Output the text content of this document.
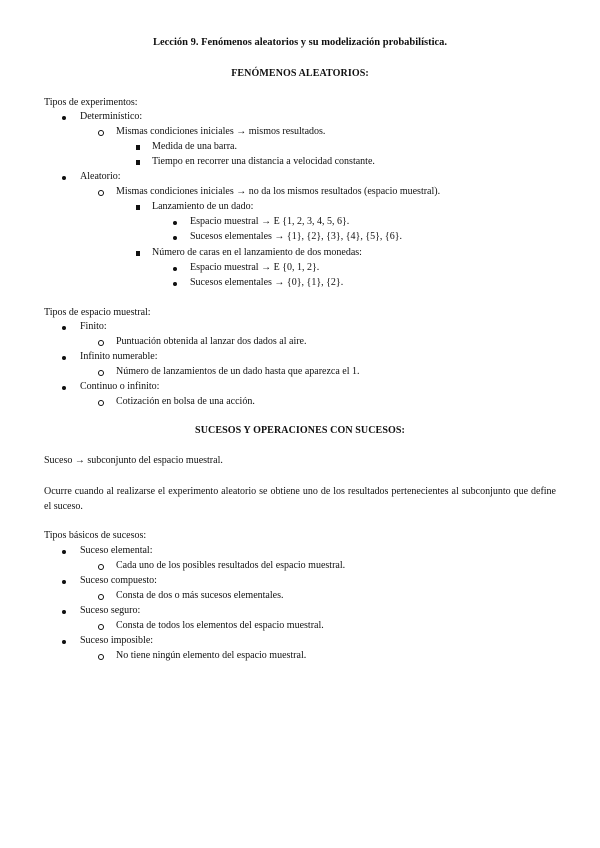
Lección 9. Fenómenos aleatorios y su modelización probabilística.
FENÓMENOS ALEATORIOS:
Tipos de experimentos:
Determinístico:
Mismas condiciones iniciales → mismos resultados.
Medida de una barra.
Tiempo en recorrer una distancia a velocidad constante.
Aleatorio:
Mismas condiciones iniciales → no da los mismos resultados (espacio muestral).
Lanzamiento de un dado:
Espacio muestral → E {1, 2, 3, 4, 5, 6}.
Sucesos elementales → {1}, {2}, {3}, {4}, {5}, {6}.
Número de caras en el lanzamiento de dos monedas:
Espacio muestral → E {0, 1, 2}.
Sucesos elementales → {0}, {1}, {2}.
Tipos de espacio muestral:
Finito:
Puntuación obtenida al lanzar dos dados al aire.
Infinito numerable:
Número de lanzamientos de un dado hasta que aparezca el 1.
Continuo o infinito:
Cotización en bolsa de una acción.
SUCESOS Y OPERACIONES CON SUCESOS:
Suceso → subconjunto del espacio muestral.
Ocurre cuando al realizarse el experimento aleatorio se obtiene uno de los resultados pertenecientes al subconjunto que define el suceso.
Tipos básicos de sucesos:
Suceso elemental:
Cada uno de los posibles resultados del espacio muestral.
Suceso compuesto:
Consta de dos o más sucesos elementales.
Suceso seguro:
Consta de todos los elementos del espacio muestral.
Suceso imposible:
No tiene ningún elemento del espacio muestral.
